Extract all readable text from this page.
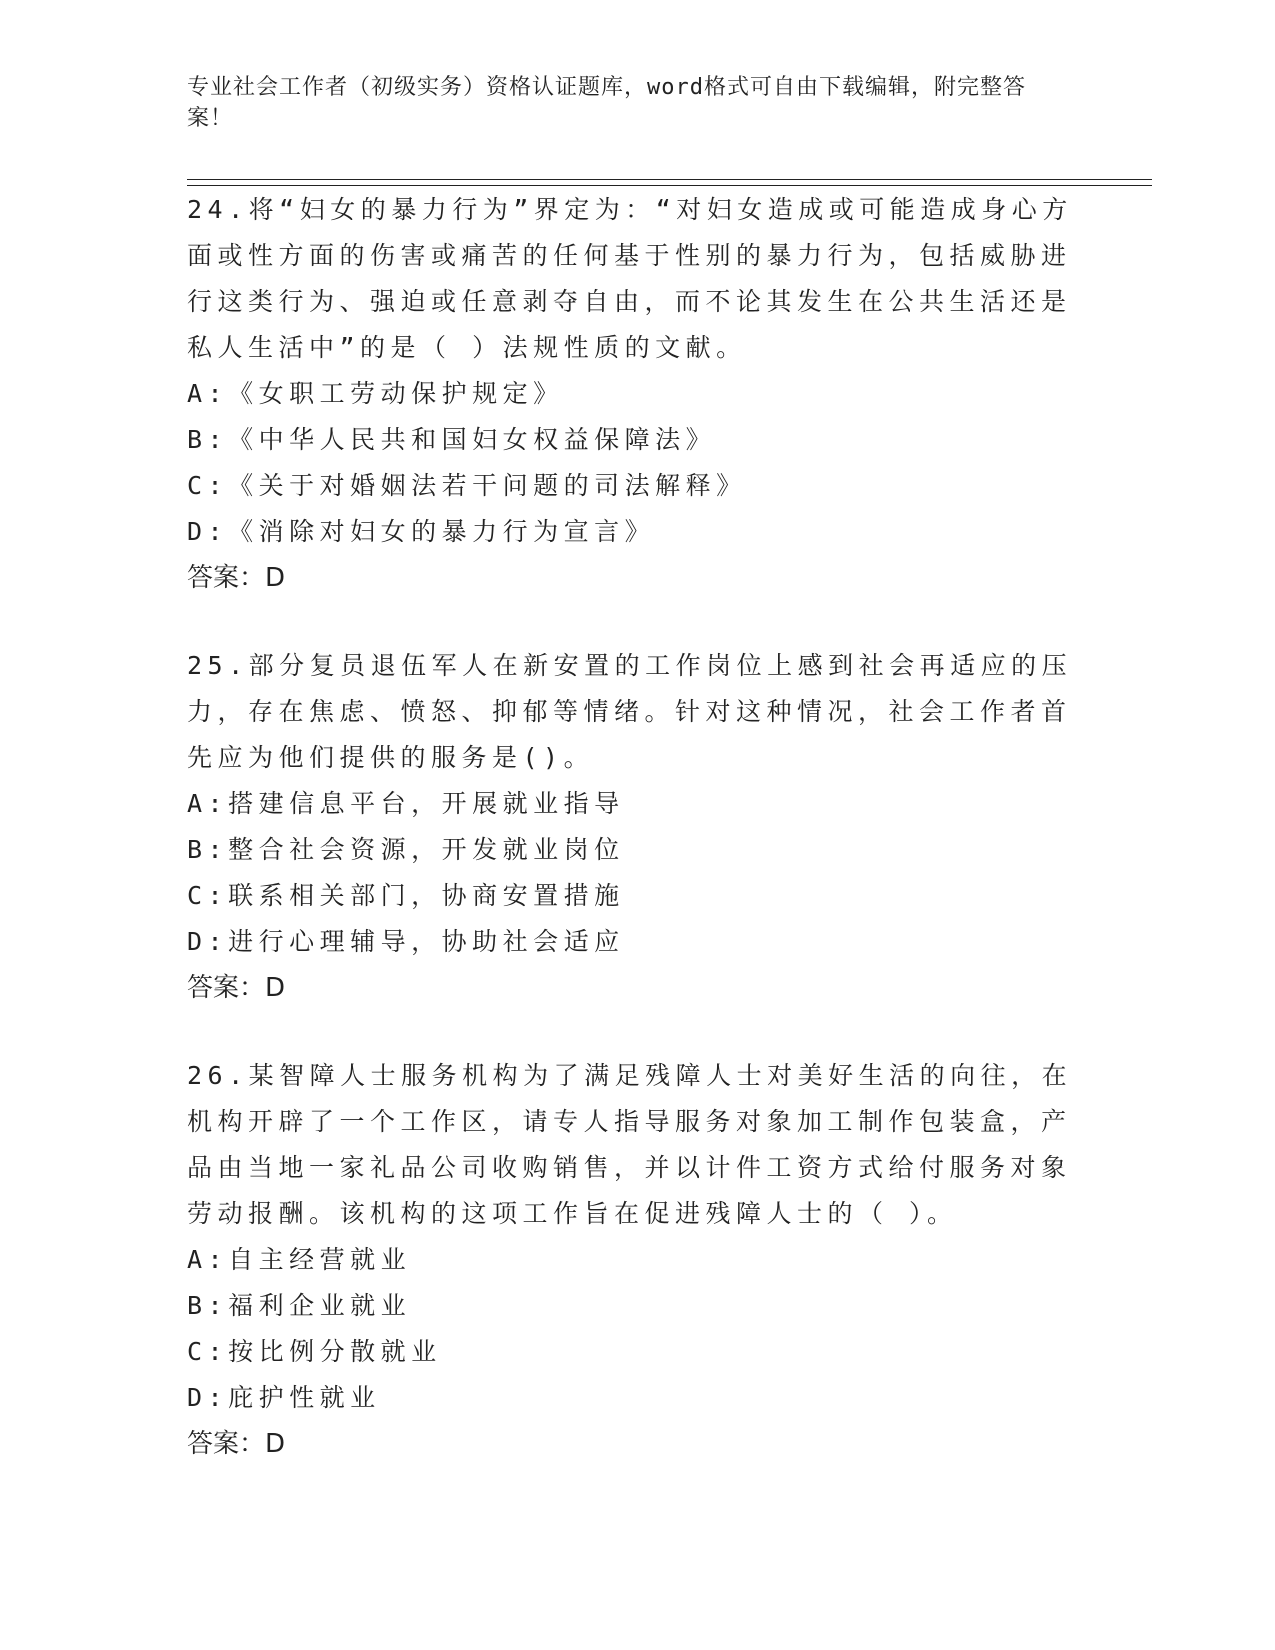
专业社会工作者（初级实务）资格认证题库，word格式可自由下载编辑，附完整答案！

24.将“妇女的暴力行为”界定为：“对妇女造成或可能造成身心方面或性方面的伤害或痛苦的任何基于性别的暴力行为，包括威胁进行这类行为、强迫或任意剥夺自由，而不论其发生在公共生活还是私人生活中”的是（ ）法规性质的文献。

A:《女职工劳动保护规定》

B:《中华人民共和国妇女权益保障法》

C:《关于对婚姻法若干问题的司法解释》

D:《消除对妇女的暴力行为宣言》

答案：D

25.部分复员退伍军人在新安置的工作岗位上感到社会再适应的压力，存在焦虑、愤怒、抑郁等情绪。针对这种情况，社会工作者首先应为他们提供的服务是()。

A:搭建信息平台，开展就业指导

B:整合社会资源，开发就业岗位

C:联系相关部门，协商安置措施

D:进行心理辅导，协助社会适应

答案：D

26.某智障人士服务机构为了满足残障人士对美好生活的向往，在机构开辟了一个工作区，请专人指导服务对象加工制作包装盒，产品由当地一家礼品公司收购销售，并以计件工资方式给付服务对象劳动报酬。该机构的这项工作旨在促进残障人士的（ ）。

A:自主经营就业

B:福利企业就业

C:按比例分散就业

D:庇护性就业

答案：D
